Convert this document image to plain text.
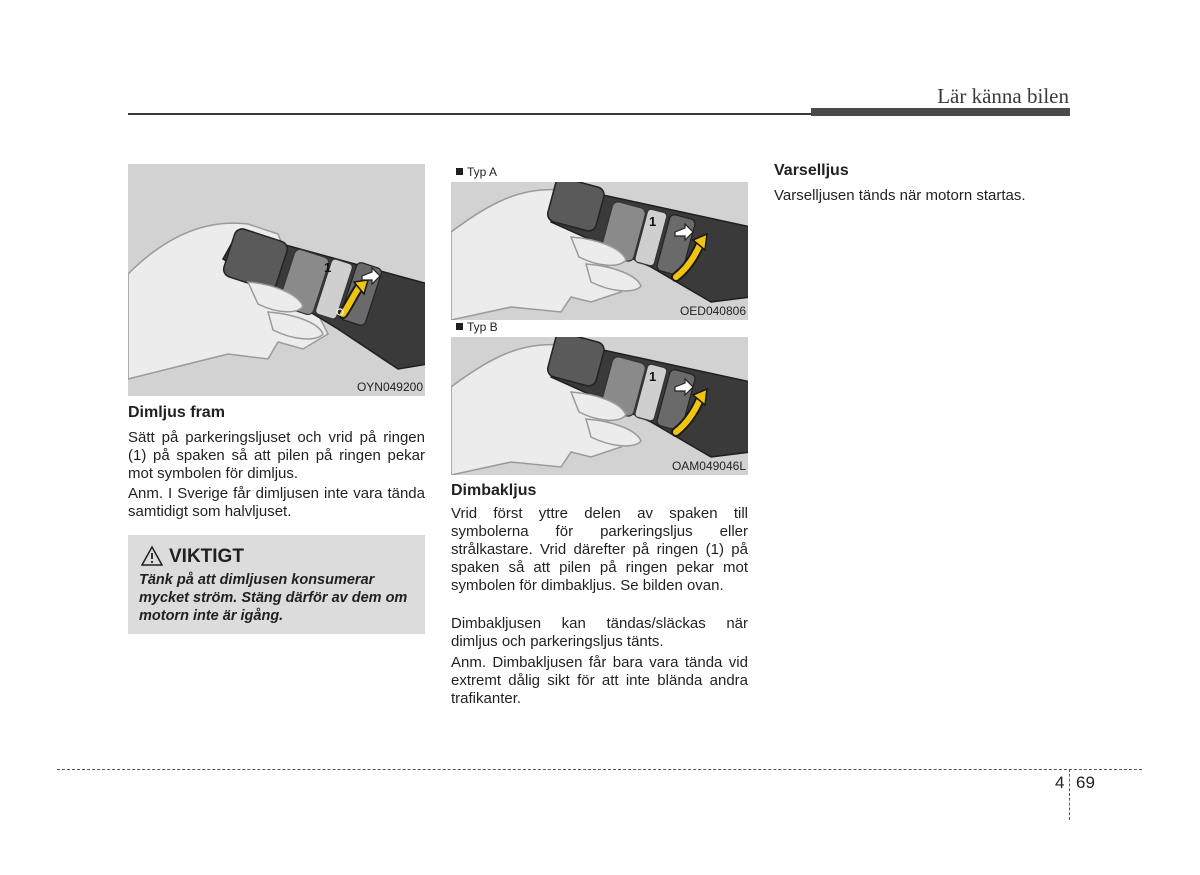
Lär känna bilen
1
OYN049200
Dimljus fram

Sätt på parkeringsljuset och vrid på ringen (1) på spaken så att pilen på ringen pekar mot symbolen för dimljus.

Anm. I Sverige får dimljusen inte vara tända samtidigt som halvljuset.

VIKTIGT

Tänk på att dimljusen konsumerar mycket ström. Stäng därför av dem om motorn inte är igång.

Typ A
1
OED040806
Typ B
1
OAM049046L
Dimbakljus

Vrid först yttre delen av spaken till symbolerna för parkeringsljus eller strålkastare. Vrid därefter på ringen (1) på spaken så att pilen på ringen pekar mot symbolen för dimbakljus. Se bilden ovan.

Dimbakljusen kan tändas/släckas när dimljus och parkeringsljus tänts.

Anm. Dimbakljusen får bara vara tända vid extremt dålig sikt för att inte blända andra trafikanter.

Varselljus

Varselljusen tänds när motorn startas.

4 69
